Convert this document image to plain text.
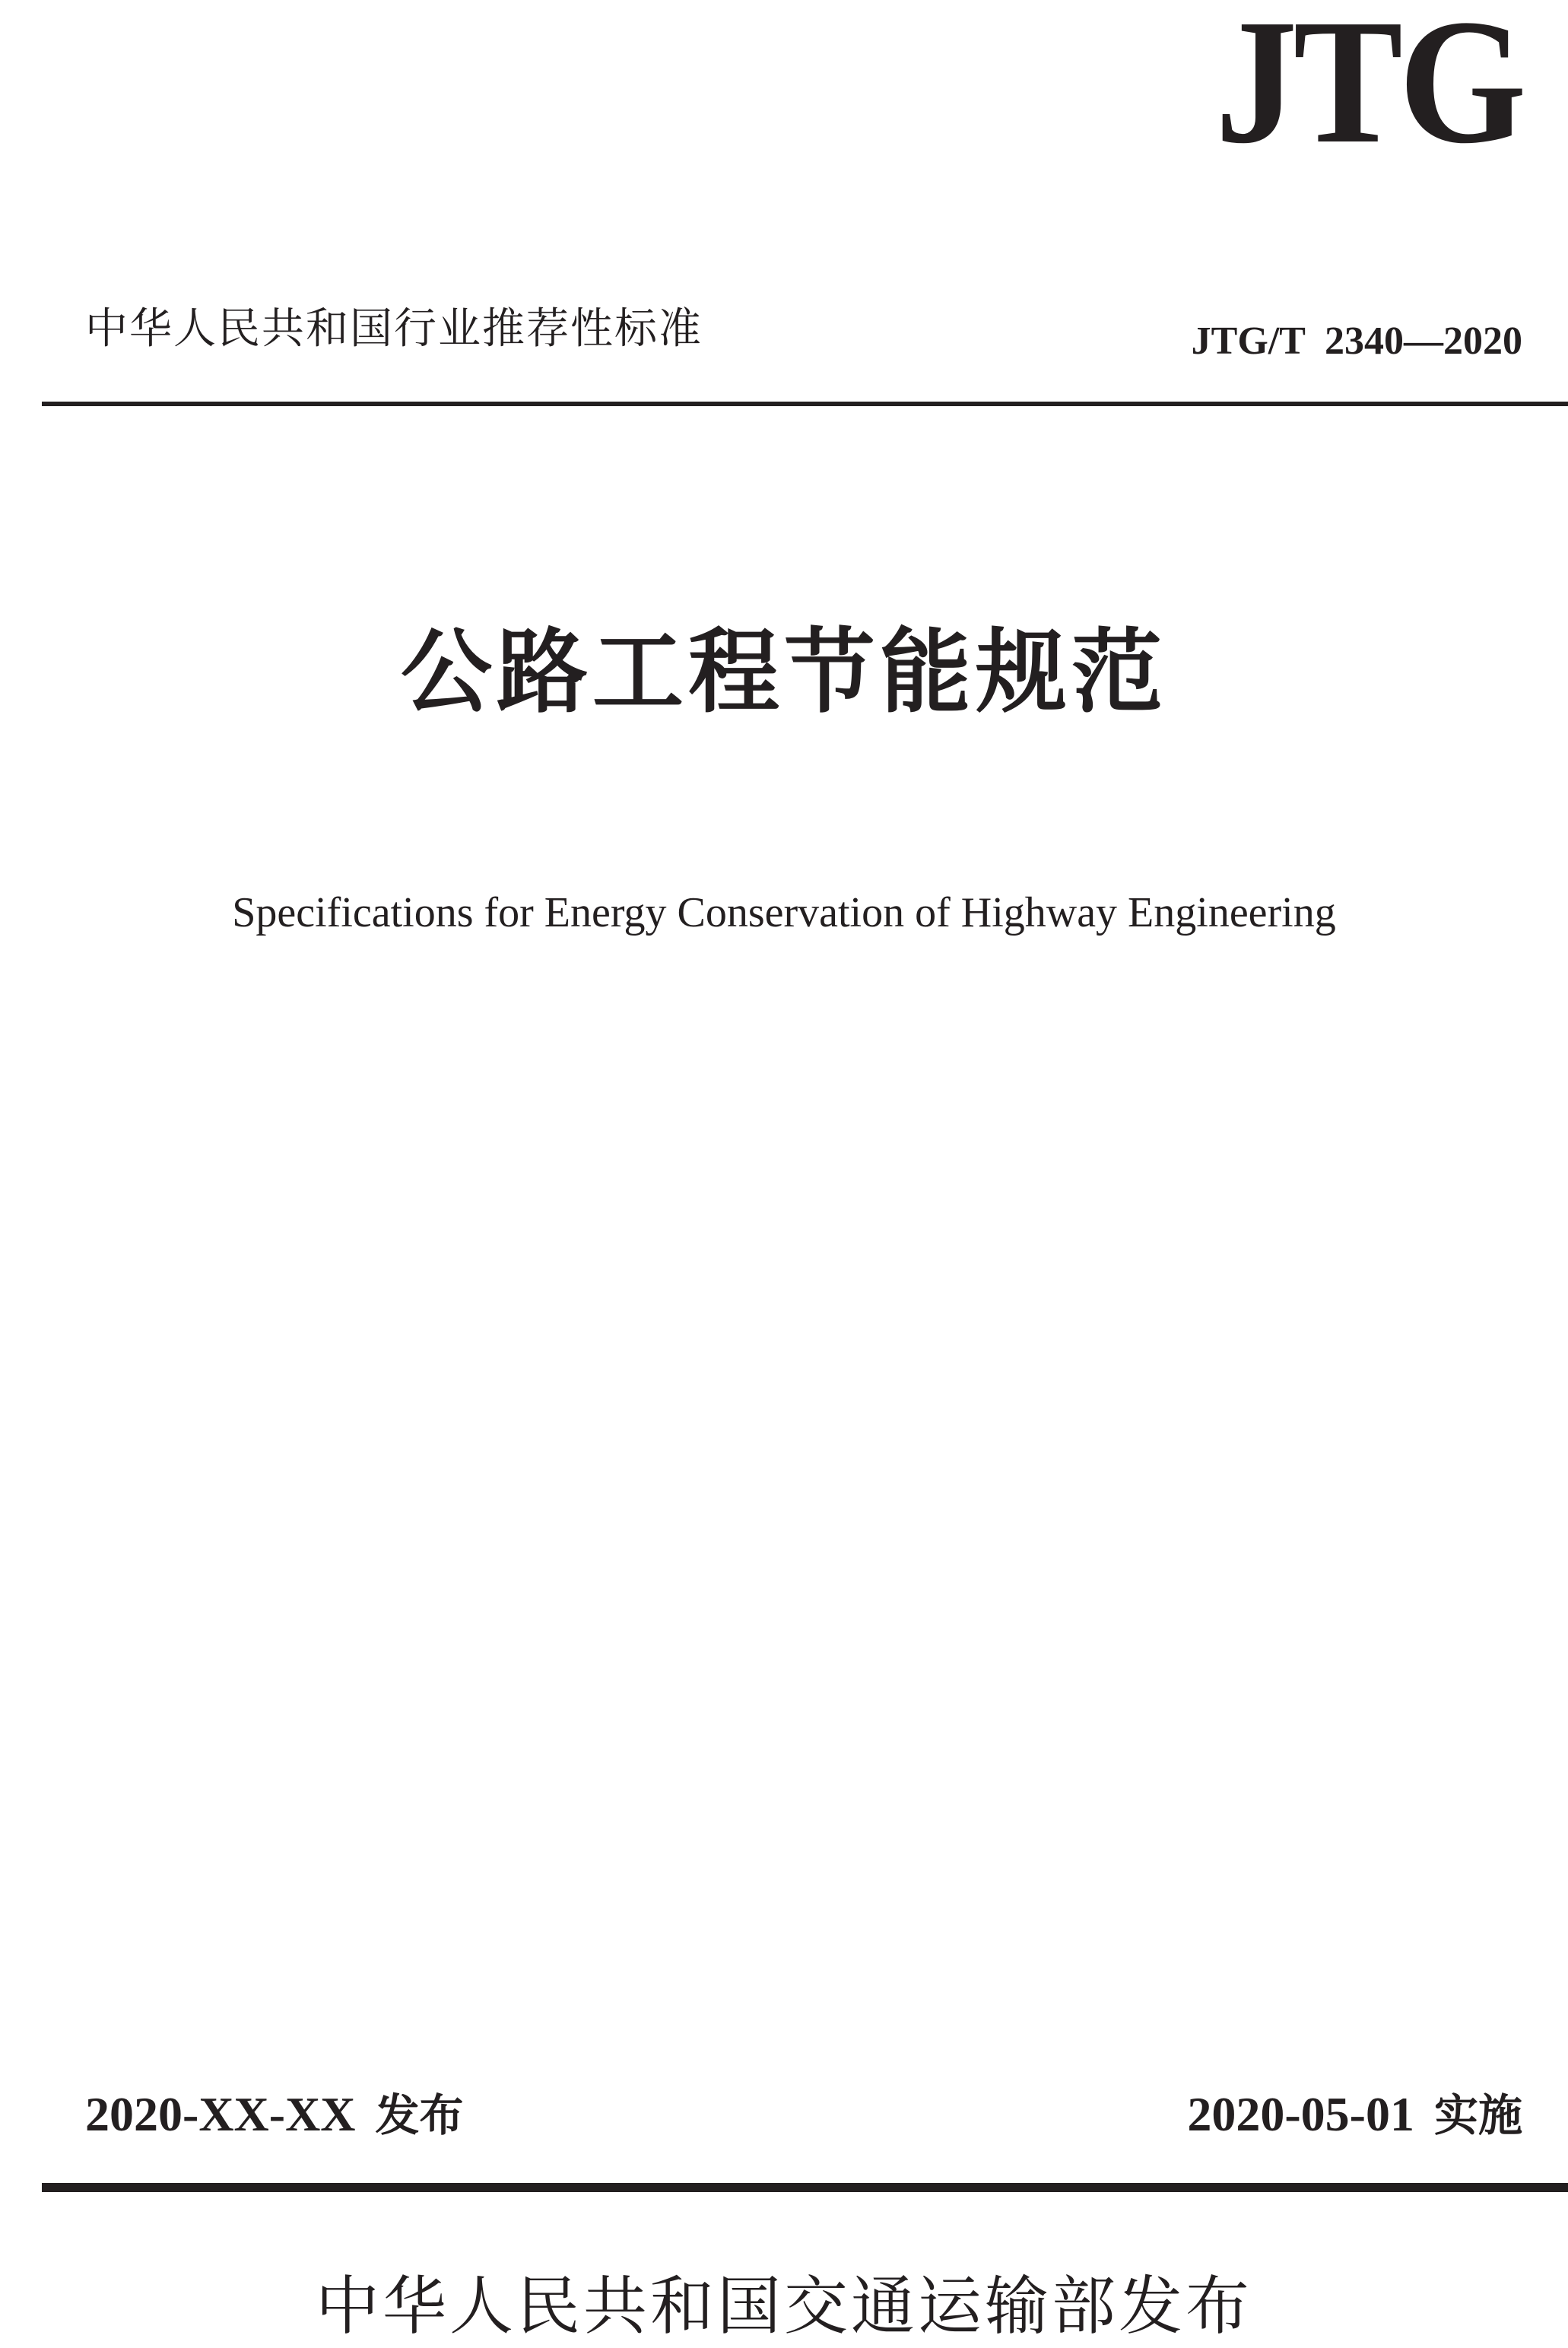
JTG
中华人民共和国行业推荐性标准	JTG/T  2340—2020
公路工程节能规范
Specifications for Energy Conservation of Highway Engineering
2020-XX-XX 发布	2020-05-01 实施
中华人民共和国交通运输部发布
